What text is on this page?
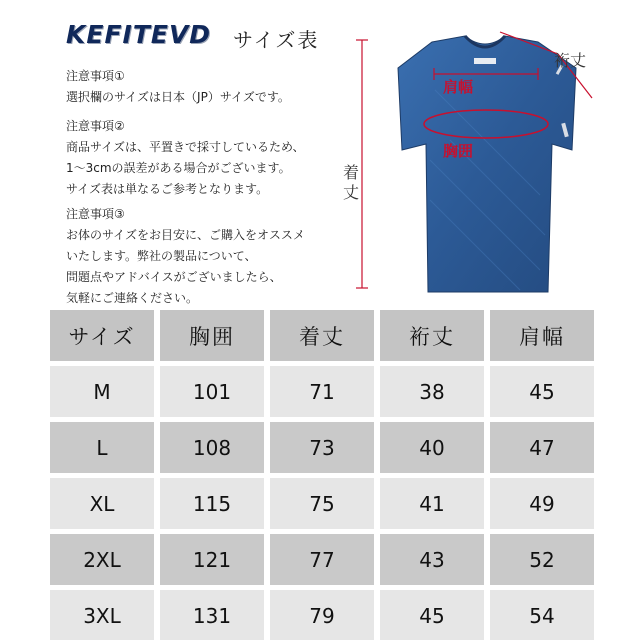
KEFITEVD サイズ表
注意事項①
選択欄のサイズは日本（JP）サイズです。
注意事項②
商品サイズは、平置きで採寸しているため、
1～3cmの誤差がある場合がございます。
サイズ表は単なるご参考となります。
注意事項③
お体のサイズをお目安に、ご購入をオススメ
いたします。弊社の製品について、
問題点やアドバイスがございましたら、
気軽にご連絡ください。
肩幅
胸囲
着
丈
裄丈
サイズ	胸囲	着丈	裄丈	肩幅
M	101	71	38	45
L	108	73	40	47
XL	115	75	41	49
2XL	121	77	43	52
3XL	131	79	45	54
